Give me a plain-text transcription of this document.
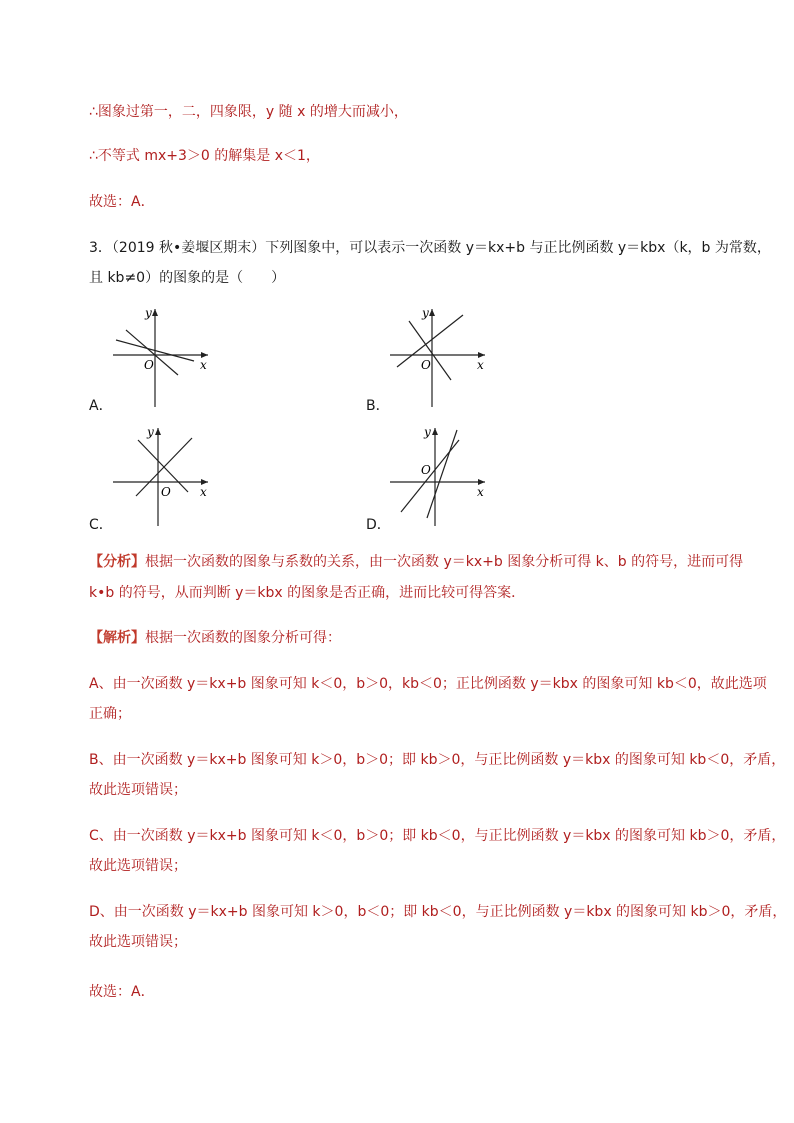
∴图象过第一，二，四象限，y 随 x 的增大而减小，
∴不等式 mx+3＞0 的解集是 x＜1，
故选：A．
3．（2019 秋•姜堰区期末）下列图象中，可以表示一次函数 y＝kx+b 与正比例函数 y＝kbx（k，b 为常数，
且 kb≠0）的图象的是（　　）
y
x
O
A．
y
x
O
B．
y
x
O
C．
y
x
O
D．
【分析】根据一次函数的图象与系数的关系，由一次函数 y＝kx+b 图象分析可得 k、b 的符号，进而可得
k•b 的符号，从而判断 y＝kbx 的图象是否正确，进而比较可得答案．
【解析】根据一次函数的图象分析可得：
A、由一次函数 y＝kx+b 图象可知 k＜0，b＞0，kb＜0；正比例函数 y＝kbx 的图象可知 kb＜0，故此选项
正确；
B、由一次函数 y＝kx+b 图象可知 k＞0，b＞0；即 kb＞0，与正比例函数 y＝kbx 的图象可知 kb＜0，矛盾，
故此选项错误；
C、由一次函数 y＝kx+b 图象可知 k＜0，b＞0；即 kb＜0，与正比例函数 y＝kbx 的图象可知 kb＞0，矛盾，
故此选项错误；
D、由一次函数 y＝kx+b 图象可知 k＞0，b＜0；即 kb＜0，与正比例函数 y＝kbx 的图象可知 kb＞0，矛盾，
故此选项错误；
故选：A．
